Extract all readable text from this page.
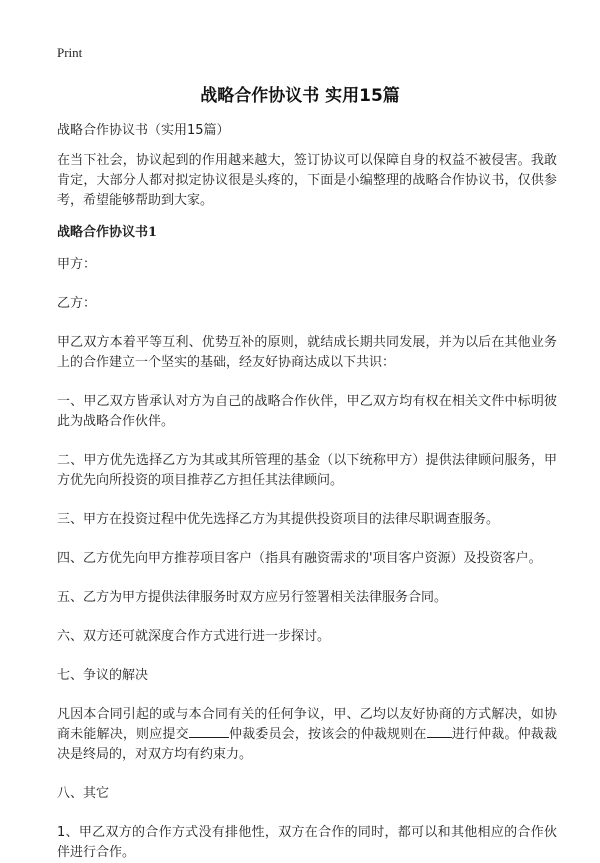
Print
战略合作协议书 实用15篇

战略合作协议书（实用15篇）

在当下社会，协议起到的作用越来越大，签订协议可以保障自身的权益不被侵害。我敢肯定，大部分人都对拟定协议很是头疼的，下面是小编整理的战略合作协议书，仅供参考，希望能够帮助到大家。

战略合作协议书1

甲方：

乙方：

甲乙双方本着平等互利、优势互补的原则，就结成长期共同发展，并为以后在其他业务上的合作建立一个坚实的基础，经友好协商达成以下共识：

一、甲乙双方皆承认对方为自己的战略合作伙伴，甲乙双方均有权在相关文件中标明彼此为战略合作伙伴。

二、甲方优先选择乙方为其或其所管理的基金（以下统称甲方）提供法律顾问服务，甲方优先向所投资的项目推荐乙方担任其法律顾问。

三、甲方在投资过程中优先选择乙方为其提供投资项目的法律尽职调查服务。

四、乙方优先向甲方推荐项目客户（指具有融资需求的'项目客户资源）及投资客户。

五、乙方为甲方提供法律服务时双方应另行签署相关法律服务合同。

六、双方还可就深度合作方式进行进一步探讨。

七、争议的解决

凡因本合同引起的或与本合同有关的任何争议，甲、乙均以友好协商的方式解决，如协商未能解决，则应提交	仲裁委员会，按该会的仲裁规则在 进行仲裁。仲裁裁决是终局的，对双方均有约束力。

八、其它

1、甲乙双方的合作方式没有排他性，双方在合作的同时，都可以和其他相应的合作伙伴进行合作。
